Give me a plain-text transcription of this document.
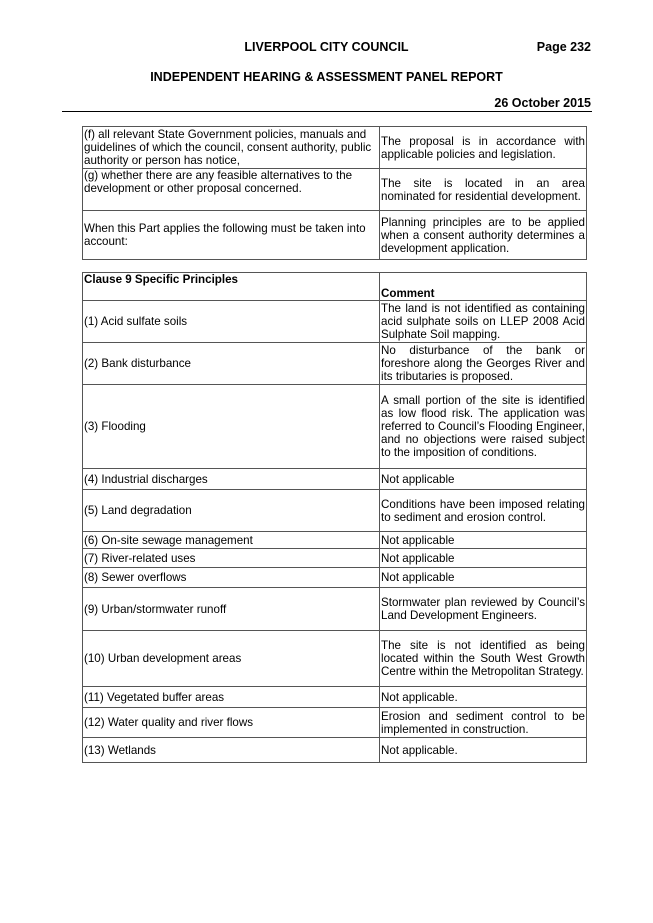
LIVERPOOL CITY COUNCIL	Page 232
INDEPENDENT HEARING & ASSESSMENT PANEL REPORT
26 October 2015
(f) all relevant State Government policies, manuals and guidelines of which the council, consent authority, public authority or person has notice,	The proposal is in accordance with applicable policies and legislation.
(g) whether there are any feasible alternatives to the development or other proposal concerned.	The site is located in an area nominated for residential development.
When this Part applies the following must be taken into account:	Planning principles are to be applied when a consent authority determines a development application.
Clause 9 Specific Principles	Comment
(1) Acid sulfate soils	The land is not identified as containing acid sulphate soils on LLEP 2008 Acid Sulphate Soil mapping.
(2) Bank disturbance	No disturbance of the bank or foreshore along the Georges River and its tributaries is proposed.
(3) Flooding	A small portion of the site is identified as low flood risk. The application was referred to Council’s Flooding Engineer, and no objections were raised subject to the imposition of conditions.
(4) Industrial discharges	Not applicable
(5) Land degradation	Conditions have been imposed relating to sediment and erosion control.
(6) On-site sewage management	Not applicable
(7) River-related uses	Not applicable
(8) Sewer overflows	Not applicable
(9) Urban/stormwater runoff	Stormwater plan reviewed by Council’s Land Development Engineers.
(10) Urban development areas	The site is not identified as being located within the South West Growth Centre within the Metropolitan Strategy.
(11) Vegetated buffer areas	Not applicable.
(12) Water quality and river flows	Erosion and sediment control to be implemented in construction.
(13) Wetlands	Not applicable.
